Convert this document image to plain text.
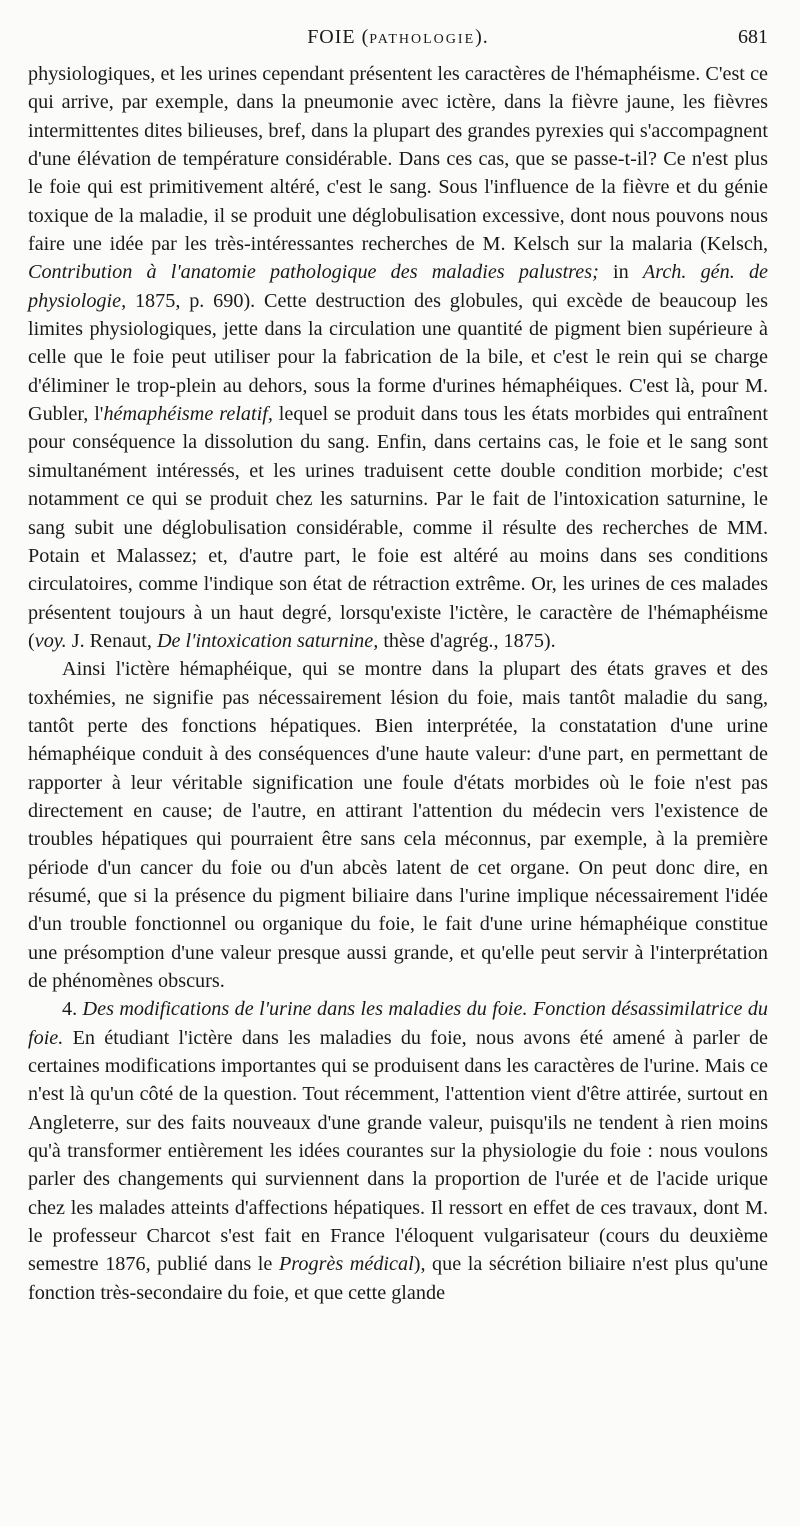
FOIE (PATHOLOGIE).	681

physiologiques, et les urines cependant présentent les caractères de l'hémaphéisme. C'est ce qui arrive, par exemple, dans la pneumonie avec ictère, dans la fièvre jaune, les fièvres intermittentes dites bilieuses, bref, dans la plupart des grandes pyrexies qui s'accompagnent d'une élévation de température considérable. Dans ces cas, que se passe-t-il? Ce n'est plus le foie qui est primitivement altéré, c'est le sang. Sous l'influence de la fièvre et du génie toxique de la maladie, il se produit une déglobulisation excessive, dont nous pouvons nous faire une idée par les très-intéressantes recherches de M. Kelsch sur la malaria (Kelsch, Contribution à l'anatomie pathologique des maladies palustres; in Arch. gén. de physiologie, 1875, p. 690). Cette destruction des globules, qui excède de beaucoup les limites physiologiques, jette dans la circulation une quantité de pigment bien supérieure à celle que le foie peut utiliser pour la fabrication de la bile, et c'est le rein qui se charge d'éliminer le trop-plein au dehors, sous la forme d'urines hémaphéiques. C'est là, pour M. Gubler, l'hémaphéisme relatif, lequel se produit dans tous les états morbides qui entraînent pour conséquence la dissolution du sang. Enfin, dans certains cas, le foie et le sang sont simultanément intéressés, et les urines traduisent cette double condition morbide; c'est notamment ce qui se produit chez les saturnins. Par le fait de l'intoxication saturnine, le sang subit une déglobulisation considérable, comme il résulte des recherches de MM. Potain et Malassez; et, d'autre part, le foie est altéré au moins dans ses conditions circulatoires, comme l'indique son état de rétraction extrême. Or, les urines de ces malades présentent toujours à un haut degré, lorsqu'existe l'ictère, le caractère de l'hémaphéisme (voy. J. Renaut, De l'intoxication saturnine, thèse d'agrég., 1875).

Ainsi l'ictère hémaphéique, qui se montre dans la plupart des états graves et des toxhémies, ne signifie pas nécessairement lésion du foie, mais tantôt maladie du sang, tantôt perte des fonctions hépatiques. Bien interprétée, la constatation d'une urine hémaphéique conduit à des conséquences d'une haute valeur: d'une part, en permettant de rapporter à leur véritable signification une foule d'états morbides où le foie n'est pas directement en cause; de l'autre, en attirant l'attention du médecin vers l'existence de troubles hépatiques qui pourraient être sans cela méconnus, par exemple, à la première période d'un cancer du foie ou d'un abcès latent de cet organe. On peut donc dire, en résumé, que si la présence du pigment biliaire dans l'urine implique nécessairement l'idée d'un trouble fonctionnel ou organique du foie, le fait d'une urine hémaphéique constitue une présomption d'une valeur presque aussi grande, et qu'elle peut servir à l'interprétation de phénomènes obscurs.

4. Des modifications de l'urine dans les maladies du foie. Fonction désassimilatrice du foie. En étudiant l'ictère dans les maladies du foie, nous avons été amené à parler de certaines modifications importantes qui se produisent dans les caractères de l'urine. Mais ce n'est là qu'un côté de la question. Tout récemment, l'attention vient d'être attirée, surtout en Angleterre, sur des faits nouveaux d'une grande valeur, puisqu'ils ne tendent à rien moins qu'à transformer entièrement les idées courantes sur la physiologie du foie : nous voulons parler des changements qui surviennent dans la proportion de l'urée et de l'acide urique chez les malades atteints d'affections hépatiques. Il ressort en effet de ces travaux, dont M. le professeur Charcot s'est fait en France l'éloquent vulgarisateur (cours du deuxième semestre 1876, publié dans le Progrès médical), que la sécrétion biliaire n'est plus qu'une fonction très-secondaire du foie, et que cette glande
